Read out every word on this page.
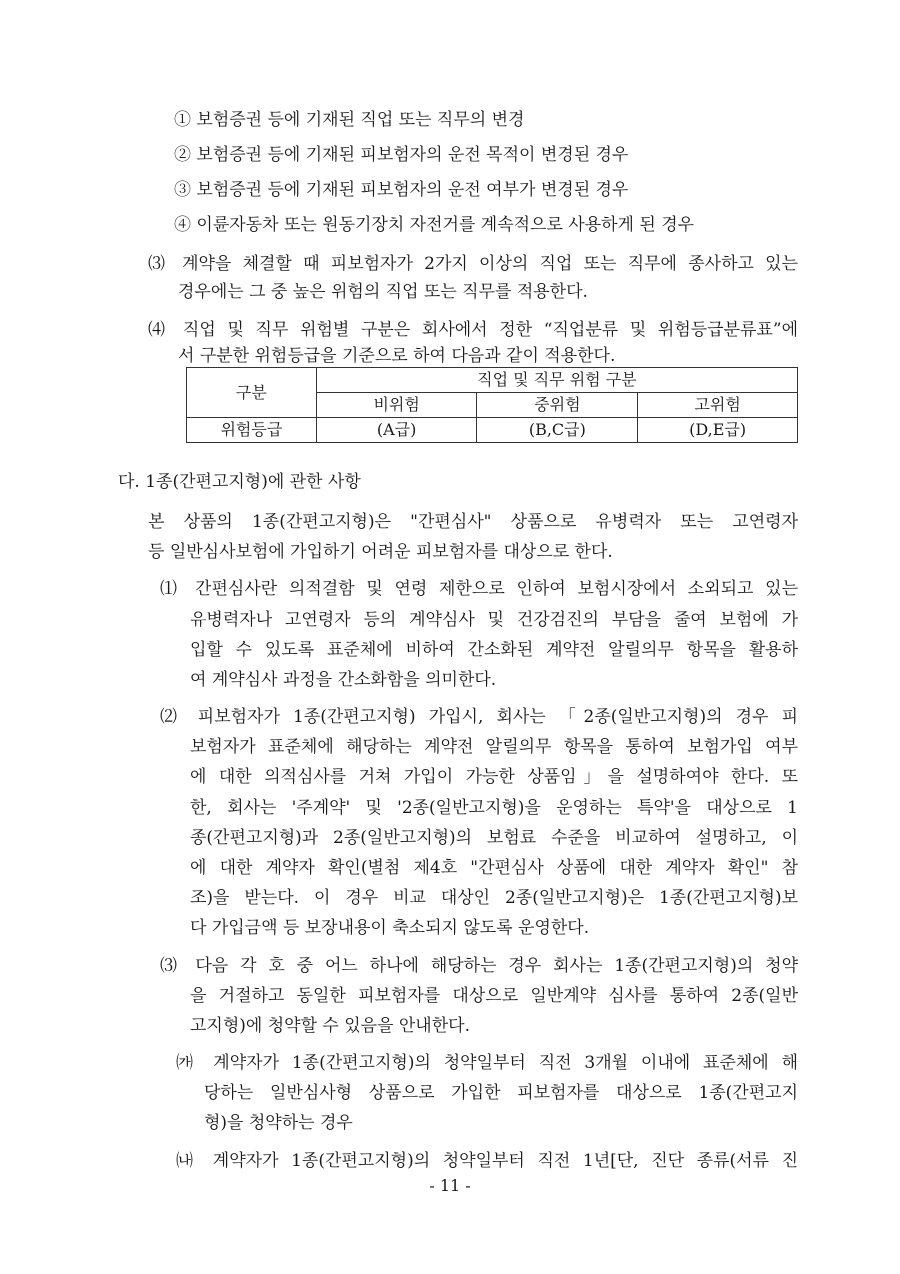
① 보험증권 등에 기재된 직업 또는 직무의 변경
② 보험증권 등에 기재된 피보험자의 운전 목적이 변경된 경우
③ 보험증권 등에 기재된 피보험자의 운전 여부가 변경된 경우
④ 이륜자동차 또는 원동기장치 자전거를 계속적으로 사용하게 된 경우
⑶ 계약을 체결할 때 피보험자가 2가지 이상의 직업 또는 직무에 종사하고 있는
경우에는 그 중 높은 위험의 직업 또는 직무를 적용한다.
⑷ 직업 및 직무 위험별 구분은 회사에서 정한 “직업분류 및 위험등급분류표”에
서 구분한 위험등급을 기준으로 하여 다음과 같이 적용한다.
구분	직업 및 직무 위험 구분		
	비위험	중위험	고위험
위험등급	(A급)	(B,C급)	(D,E급)
다. 1종(간편고지형)에 관한 사항
본 상품의 1종(간편고지형)은 "간편심사" 상품으로 유병력자 또는 고연령자
등 일반심사보험에 가입하기 어려운 피보험자를 대상으로 한다.
⑴ 간편심사란 의적결함 및 연령 제한으로 인하여 보험시장에서 소외되고 있는
유병력자나 고연령자 등의 계약심사 및 건강검진의 부담을 줄여 보험에 가
입할 수 있도록 표준체에 비하여 간소화된 계약전 알릴의무 항목을 활용하
여 계약심사 과정을 간소화함을 의미한다.
⑵ 피보험자가 1종(간편고지형) 가입시, 회사는 「2종(일반고지형)의 경우 피
보험자가 표준체에 해당하는 계약전 알릴의무 항목을 통하여 보험가입 여부
에 대한 의적심사를 거쳐 가입이 가능한 상품임」을 설명하여야 한다. 또
한, 회사는 '주계약' 및 '2종(일반고지형)을 운영하는 특약'을 대상으로 1
종(간편고지형)과 2종(일반고지형)의 보험료 수준을 비교하여 설명하고, 이
에 대한 계약자 확인(별첨 제4호 "간편심사 상품에 대한 계약자 확인" 참
조)을 받는다. 이 경우 비교 대상인 2종(일반고지형)은 1종(간편고지형)보
다 가입금액 등 보장내용이 축소되지 않도록 운영한다.
⑶ 다음 각 호 중 어느 하나에 해당하는 경우 회사는 1종(간편고지형)의 청약
을 거절하고 동일한 피보험자를 대상으로 일반계약 심사를 통하여 2종(일반
고지형)에 청약할 수 있음을 안내한다.
㈎ 계약자가 1종(간편고지형)의 청약일부터 직전 3개월 이내에 표준체에 해
당하는 일반심사형 상품으로 가입한 피보험자를 대상으로 1종(간편고지
형)을 청약하는 경우
㈏ 계약자가 1종(간편고지형)의 청약일부터 직전 1년[단, 진단 종류(서류 진
- 11 -
